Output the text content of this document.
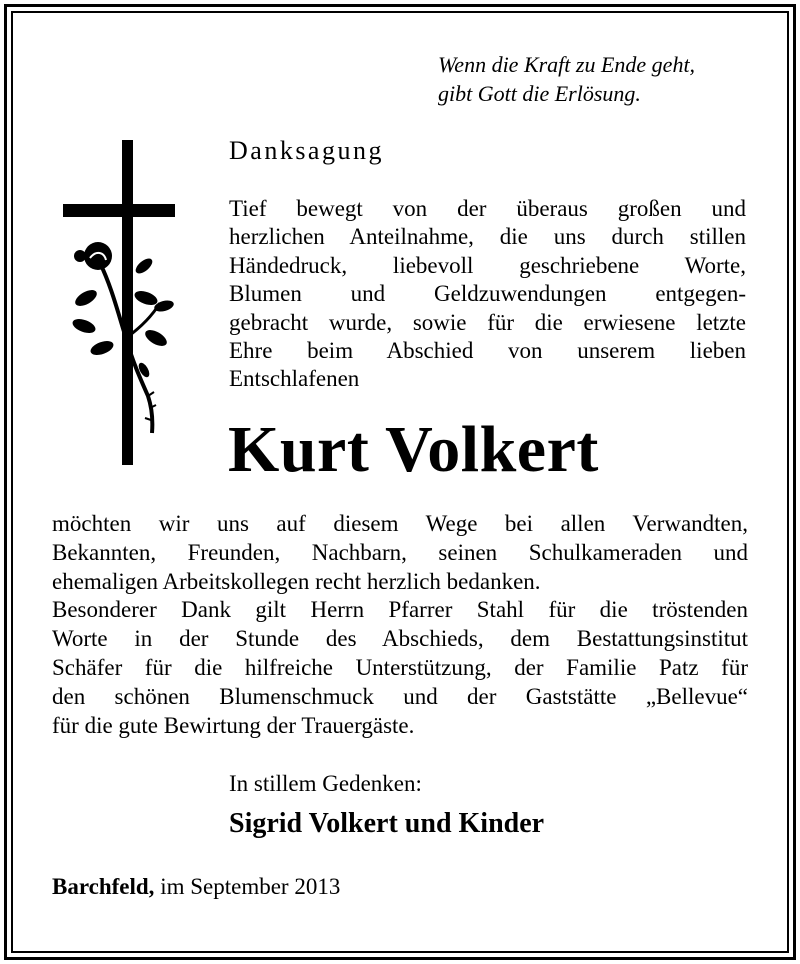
Wenn die Kraft zu Ende geht,
gibt Gott die Erlösung.
Danksagung
Tief bewegt von der überaus großen und
herzlichen Anteilnahme, die uns durch stillen
Händedruck, liebevoll geschriebene Worte,
Blumen und Geldzuwendungen entgegen-
gebracht wurde, sowie für die erwiesene letzte
Ehre beim Abschied von unserem lieben
Entschlafenen
Kurt Volkert
möchten wir uns auf diesem Wege bei allen Verwandten,
Bekannten, Freunden, Nachbarn, seinen Schulkameraden und
ehemaligen Arbeitskollegen recht herzlich bedanken.
Besonderer Dank gilt Herrn Pfarrer Stahl für die tröstenden
Worte in der Stunde des Abschieds, dem Bestattungsinstitut
Schäfer für die hilfreiche Unterstützung, der Familie Patz für
den schönen Blumenschmuck und der Gaststätte „Bellevue“
für die gute Bewirtung der Trauergäste.
In stillem Gedenken:
Sigrid Volkert und Kinder
Barchfeld, im September 2013
